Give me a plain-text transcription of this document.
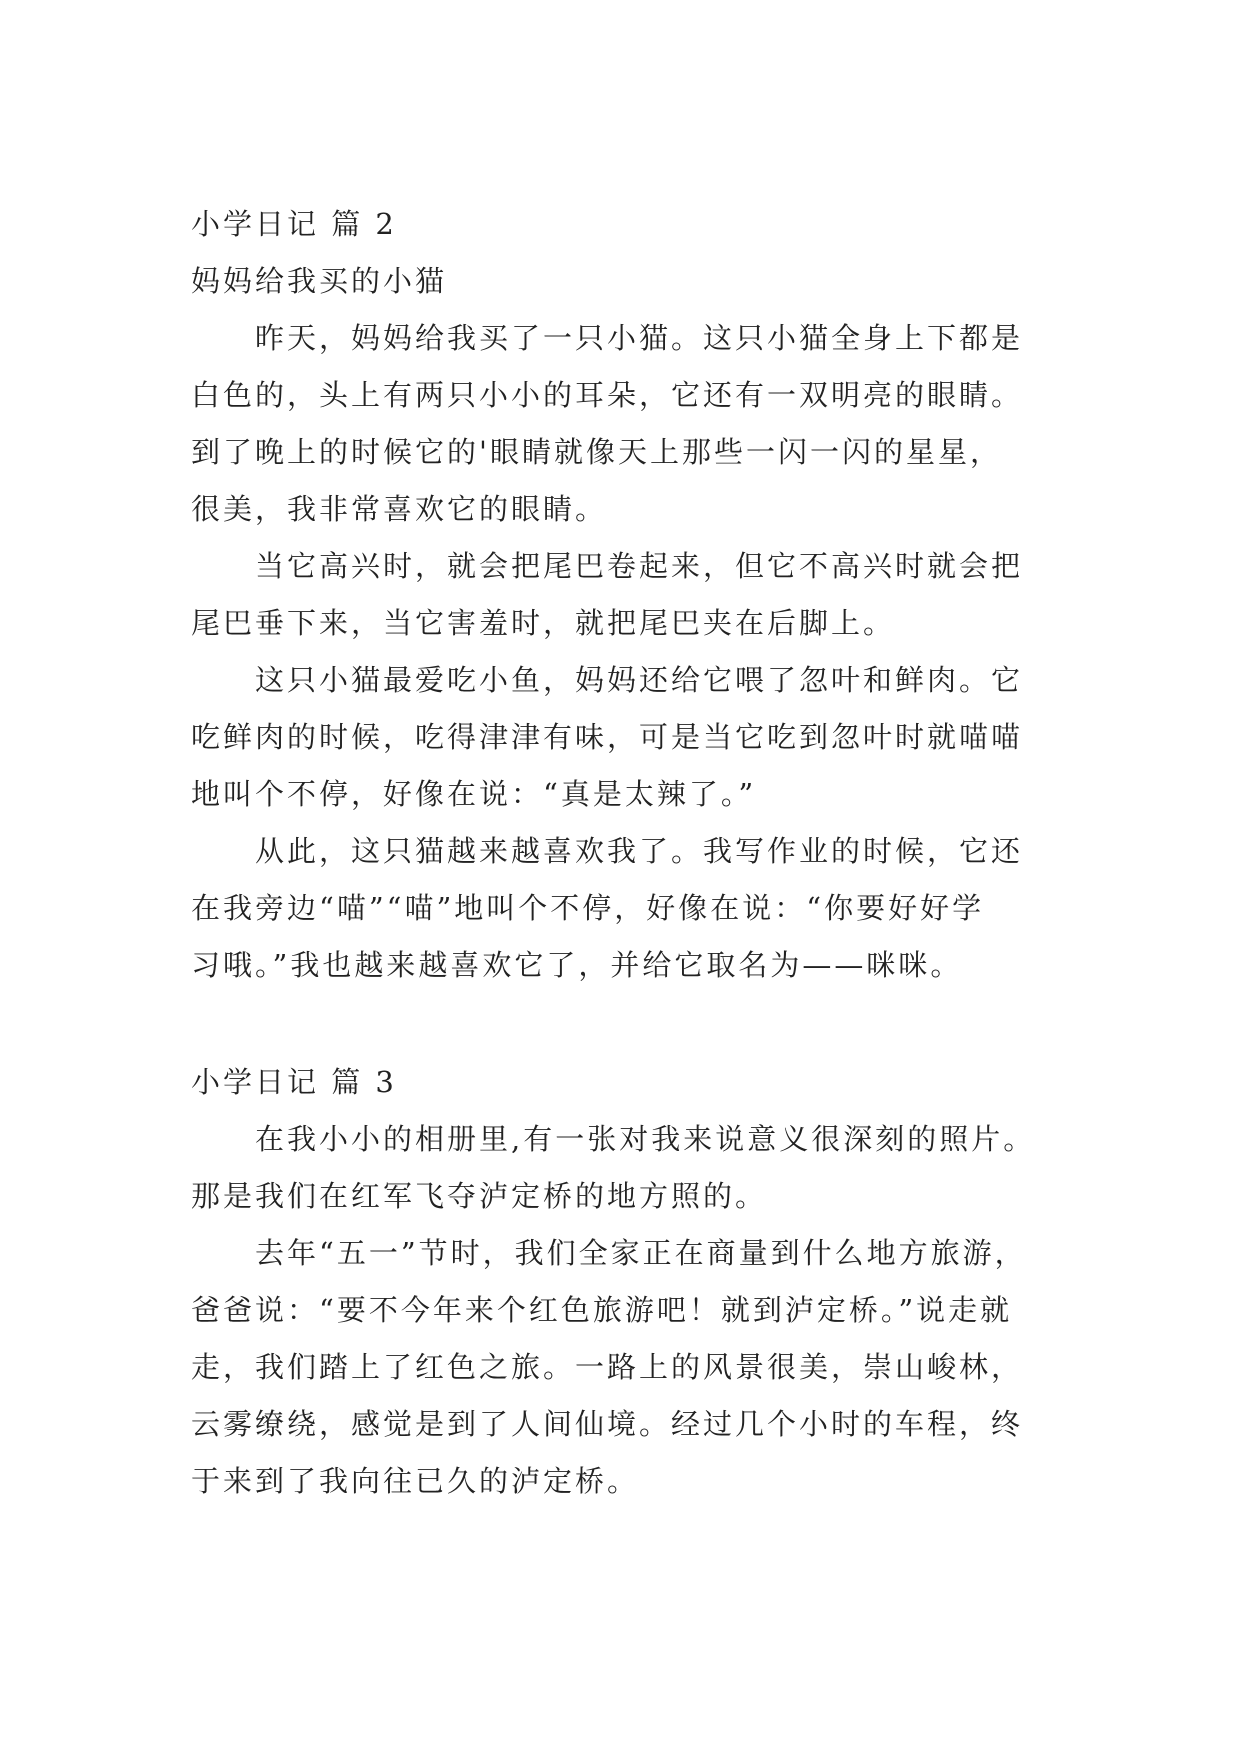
小学日记 篇 2
妈妈给我买的小猫
昨天，妈妈给我买了一只小猫。这只小猫全身上下都是
白色的，头上有两只小小的耳朵，它还有一双明亮的眼睛。
到了晚上的时候它的'眼睛就像天上那些一闪一闪的星星，
很美，我非常喜欢它的眼睛。
当它高兴时，就会把尾巴卷起来，但它不高兴时就会把
尾巴垂下来，当它害羞时，就把尾巴夹在后脚上。
这只小猫最爱吃小鱼，妈妈还给它喂了忽叶和鲜肉。它
吃鲜肉的时候，吃得津津有味，可是当它吃到忽叶时就喵喵
地叫个不停，好像在说：“真是太辣了。”
从此，这只猫越来越喜欢我了。我写作业的时候，它还
在我旁边“喵”“喵”地叫个不停，好像在说：“你要好好学
习哦。”我也越来越喜欢它了，并给它取名为——咪咪。
小学日记 篇 3
在我小小的相册里,有一张对我来说意义很深刻的照片。
那是我们在红军飞夺泸定桥的地方照的。
去年“五一”节时，我们全家正在商量到什么地方旅游，
爸爸说：“要不今年来个红色旅游吧！就到泸定桥。”说走就
走，我们踏上了红色之旅。一路上的风景很美，崇山峻林，
云雾缭绕，感觉是到了人间仙境。经过几个小时的车程，终
于来到了我向往已久的泸定桥。
